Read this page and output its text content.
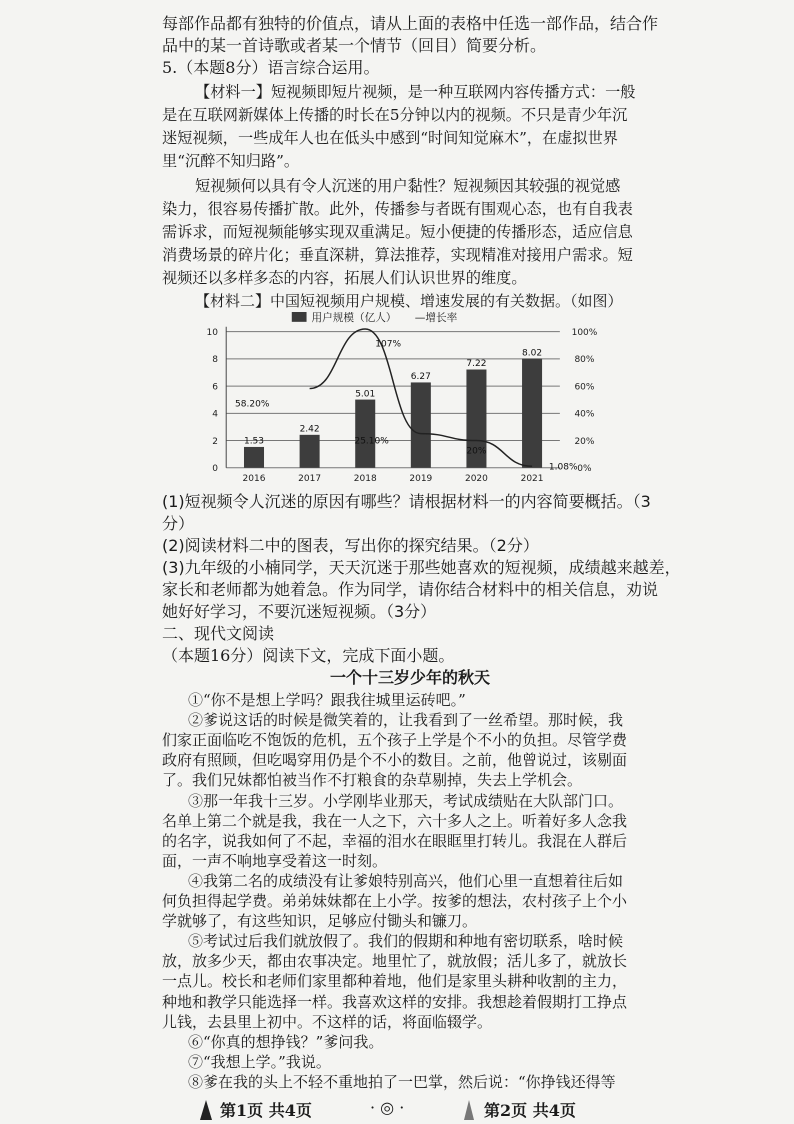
每部作品都有独特的价值点，请从上面的表格中任选一部作品，结合作
品中的某一首诗歌或者某一个情节（回目）简要分析。
5.（本题8分）语言综合运用。
【材料一】短视频即短片视频，是一种互联网内容传播方式：一般
是在互联网新媒体上传播的时长在5分钟以内的视频。不只是青少年沉
迷短视频，一些成年人也在低头中感到“时间知觉麻木”，在虚拟世界
里“沉醉不知归路”。
短视频何以具有令人沉迷的用户黏性？短视频因其较强的视觉感
染力，很容易传播扩散。此外，传播参与者既有围观心态，也有自我表
需诉求，而短视频能够实现双重满足。短小便捷的传播形态，适应信息
消费场景的碎片化；垂直深耕，算法推荐，实现精准对接用户需求。短
视频还以多样多态的内容，拓展人们认识世界的维度。
【材料二】中国短视频用户规模、增速发展的有关数据。（如图）
用户规模（亿人） —增长率
0
2
4
6
8
10
0%
20%
40%
60%
80%
100%
1.53
2016
2.42
2017
5.01
2018
6.27
2019
7.22
2020
8.02
2021
58.20%
107%
25.10%
20%
1.08%
(1)短视频令人沉迷的原因有哪些？请根据材料一的内容简要概括。（3
分）
(2)阅读材料二中的图表，写出你的探究结果。（2分）
(3)九年级的小楠同学，天天沉迷于那些她喜欢的短视频，成绩越来越差，
家长和老师都为她着急。作为同学，请你结合材料中的相关信息，劝说
她好好学习，不要沉迷短视频。（3分）
二、现代文阅读
（本题16分）阅读下文，完成下面小题。
一个十三岁少年的秋天
第1页 共4页	· ◎ ·	第2页 共4页
①“你不是想上学吗？跟我往城里运砖吧。”
②爹说这话的时候是微笑着的，让我看到了一丝希望。那时候，我
们家正面临吃不饱饭的危机，五个孩子上学是个不小的负担。尽管学费
政府有照顾，但吃喝穿用仍是个不小的数目。之前，他曾说过，该剔面
了。我们兄妹都怕被当作不打粮食的杂草剔掉，失去上学机会。
③那一年我十三岁。小学刚毕业那天，考试成绩贴在大队部门口。
名单上第二个就是我，我在一人之下，六十多人之上。听着好多人念我
的名字，说我如何了不起，幸福的泪水在眼眶里打转儿。我混在人群后
面，一声不响地享受着这一时刻。
④我第二名的成绩没有让爹娘特别高兴，他们心里一直想着往后如
何负担得起学费。弟弟妹妹都在上小学。按爹的想法，农村孩子上个小
学就够了，有这些知识，足够应付锄头和镰刀。
⑤考试过后我们就放假了。我们的假期和种地有密切联系，啥时候
放，放多少天，都由农事决定。地里忙了，就放假；活儿多了，就放长
一点儿。校长和老师们家里都种着地，他们是家里头耕种收割的主力，
种地和教学只能选择一样。我喜欢这样的安排。我想趁着假期打工挣点
儿钱，去县里上初中。不这样的话，将面临辍学。
⑥“你真的想挣钱？”爹问我。
⑦“我想上学。”我说。
⑧爹在我的头上不轻不重地拍了一巴掌，然后说：“你挣钱还得等
